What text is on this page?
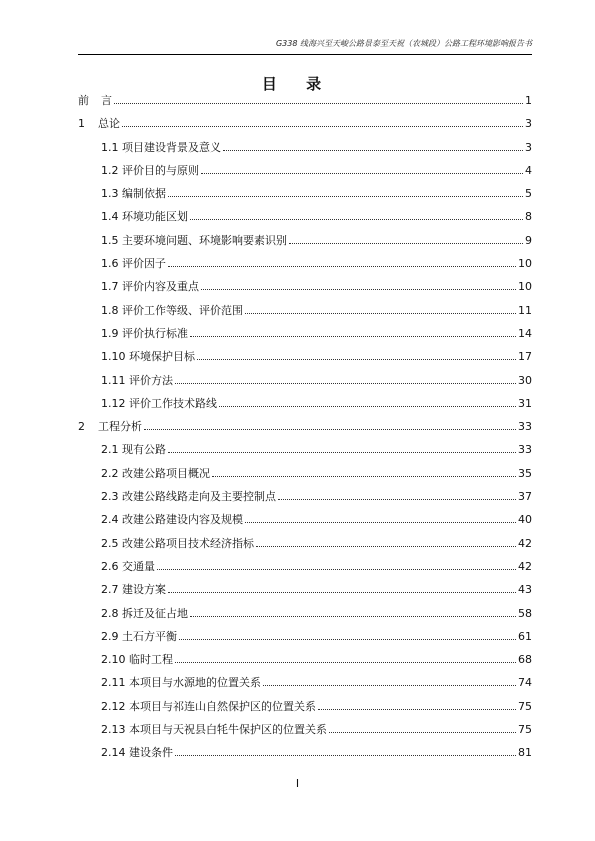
G338 线海兴至天峻公路景泰至天祝（农城段）公路工程环境影响报告书
目 录
前	言	1
1	总论	3
1.1 项目建设背景及意义	3
1.2 评价目的与原则	4
1.3 编制依据	5
1.4 环境功能区划	8
1.5 主要环境问题、环境影响要素识别	9
1.6 评价因子	10
1.7 评价内容及重点	10
1.8 评价工作等级、评价范围	11
1.9 评价执行标准	14
1.10 环境保护目标	17
1.11 评价方法	30
1.12 评价工作技术路线	31
2	工程分析	33
2.1 现有公路	33
2.2 改建公路项目概况	35
2.3 改建公路线路走向及主要控制点	37
2.4 改建公路建设内容及规模	40
2.5 改建公路项目技术经济指标	42
2.6 交通量	42
2.7 建设方案	43
2.8 拆迁及征占地	58
2.9 土石方平衡	61
2.10 临时工程	68
2.11 本项目与水源地的位置关系	74
2.12 本项目与祁连山自然保护区的位置关系	75
2.13 本项目与天祝县白牦牛保护区的位置关系	75
2.14 建设条件	81
I
